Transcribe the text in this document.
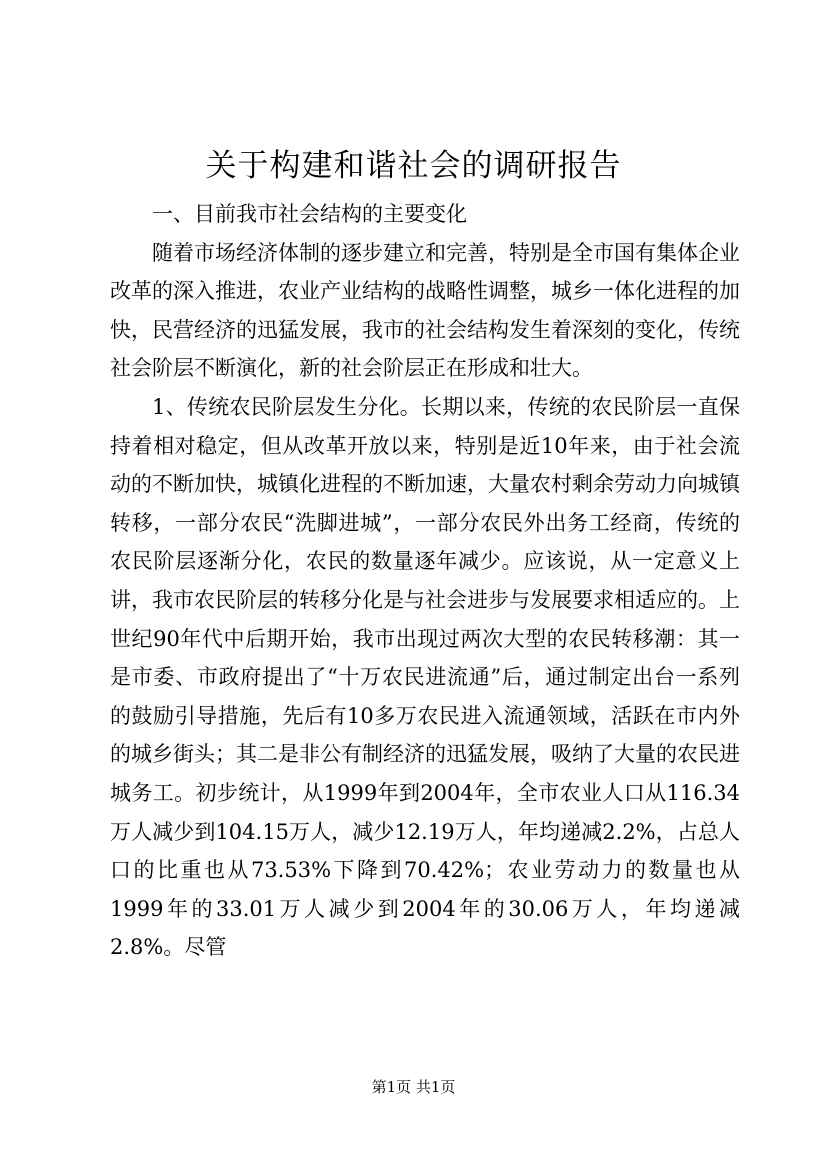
关于构建和谐社会的调研报告

一、目前我市社会结构的主要变化

随着市场经济体制的逐步建立和完善，特别是全市国有集体企业改革的深入推进，农业产业结构的战略性调整，城乡一体化进程的加快，民营经济的迅猛发展，我市的社会结构发生着深刻的变化，传统社会阶层不断演化，新的社会阶层正在形成和壮大。

1、传统农民阶层发生分化。长期以来，传统的农民阶层一直保持着相对稳定，但从改革开放以来，特别是近10年来，由于社会流动的不断加快，城镇化进程的不断加速，大量农村剩余劳动力向城镇转移，一部分农民“洗脚进城”，一部分农民外出务工经商，传统的农民阶层逐渐分化，农民的数量逐年减少。应该说，从一定意义上讲，我市农民阶层的转移分化是与社会进步与发展要求相适应的。上世纪90年代中后期开始，我市出现过两次大型的农民转移潮：其一是市委、市政府提出了“十万农民进流通”后，通过制定出台一系列的鼓励引导措施，先后有10多万农民进入流通领域，活跃在市内外的城乡街头；其二是非公有制经济的迅猛发展，吸纳了大量的农民进城务工。初步统计，从1999年到2004年，全市农业人口从116.34万人减少到104.15万人，减少12.19万人，年均递减2.2%，占总人口的比重也从73.53%下降到70.42%；农业劳动力的数量也从1999年的33.01万人减少到2004年的30.06万人，年均递减2.8%。尽管

第1页 共1页
